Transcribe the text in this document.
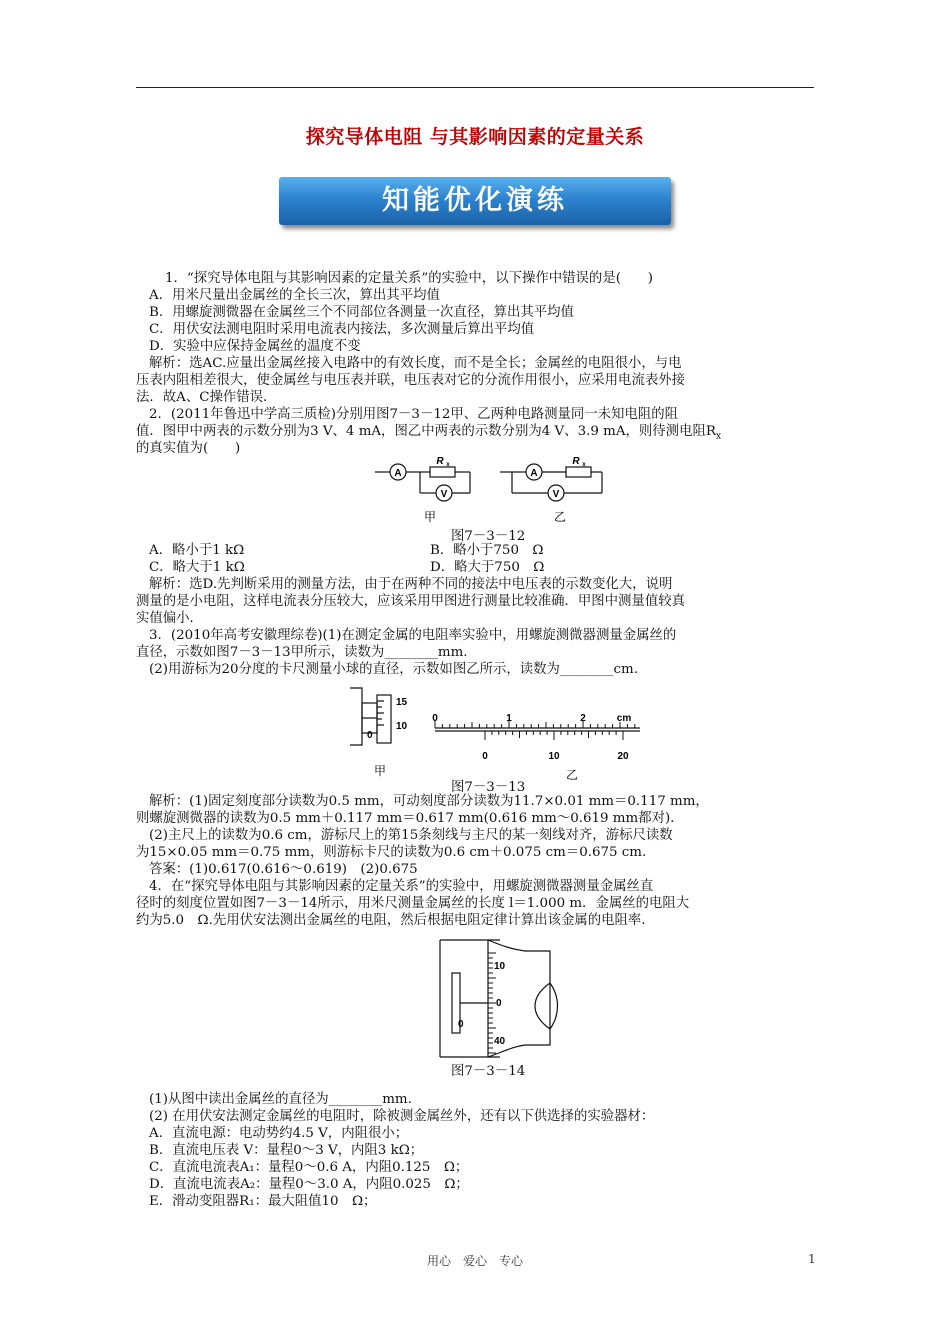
探究导体电阻 与其影响因素的定量关系
知能优化演练
1．“探究导体电阻与其影响因素的定量关系”的实验中，以下操作中错误的是(　　)
A．用米尺量出金属丝的全长三次，算出其平均值
B．用螺旋测微器在金属丝三个不同部位各测量一次直径，算出其平均值
C．用伏安法测电阻时采用电流表内接法，多次测量后算出平均值
D．实验中应保持金属丝的温度不变
解析：选AC.应量出金属丝接入电路中的有效长度，而不是全长；金属丝的电阻很小，与电
压表内阻相差很大，使金属丝与电压表并联，电压表对它的分流作用很小，应采用电流表外接
法．故A、C操作错误．
2．(2011年鲁迅中学高三质检)分别用图7－3－12甲、乙两种电路测量同一未知电阻的阻
值．图甲中两表的示数分别为3 V、4 mA，图乙中两表的示数分别为4 V、3.9 mA，则待测电阻$R_x$
的真实值为(　　)
A
V
A
V
R x	R x
甲	乙
图7－3－12
A．略小于1 kΩ	B．略小于750　Ω
C．略大于1 kΩ	D．略大于750　Ω
解析：选D.先判断采用的测量方法，由于在两种不同的接法中电压表的示数变化大，说明
测量的是小电阻，这样电流表分压较大，应该采用甲图进行测量比较准确．甲图中测量值较真
实值偏小．
3．(2010年高考安徽理综卷)(1)在测定金属的电阻率实验中，用螺旋测微器测量金属丝的
直径，示数如图7－3－13甲所示，读数为________mm.
(2)用游标为20分度的卡尺测量小球的直径，示数如图乙所示，读数为________cm.
15
10
0
0	1	2	cm
0	10	20
甲	乙
图7－3－13
解析：(1)固定刻度部分读数为0.5 mm，可动刻度部分读数为11.7×0.01 mm＝0.117 mm，
则螺旋测微器的读数为0.5 mm＋0.117 mm＝0.617 mm(0.616 mm～0.619 mm都对)．
(2)主尺上的读数为0.6 cm，游标尺上的第15条刻线与主尺的某一刻线对齐，游标尺读数
为15×0.05 mm＝0.75 mm，则游标卡尺的读数为0.6 cm＋0.075 cm＝0.675 cm.
答案：(1)0.617(0.616～0.619)　(2)0.675
4．在“探究导体电阻与其影响因素的定量关系”的实验中，用螺旋测微器测量金属丝直
径时的刻度位置如图7－3－14所示，用米尺测量金属丝的长度 l＝1.000 m．金属丝的电阻大
约为5.0　Ω.先用伏安法测出金属丝的电阻，然后根据电阻定律计算出该金属的电阻率．
10
0
40
0
图7－3－14
(1)从图中读出金属丝的直径为________mm.
(2) 在用伏安法测定金属丝的电阻时，除被测金属丝外，还有以下供选择的实验器材：
A．直流电源：电动势约4.5 V，内阻很小；
B．直流电压表 V：量程0～3 V，内阻3 kΩ；
C．直流电流表A₁：量程0～0.6 A，内阻0.125　Ω；
D．直流电流表A₂：量程0～3.0 A，内阻0.025　Ω；
E．滑动变阻器R₁：最大阻值10　Ω；
用心　爱心　专心	1
